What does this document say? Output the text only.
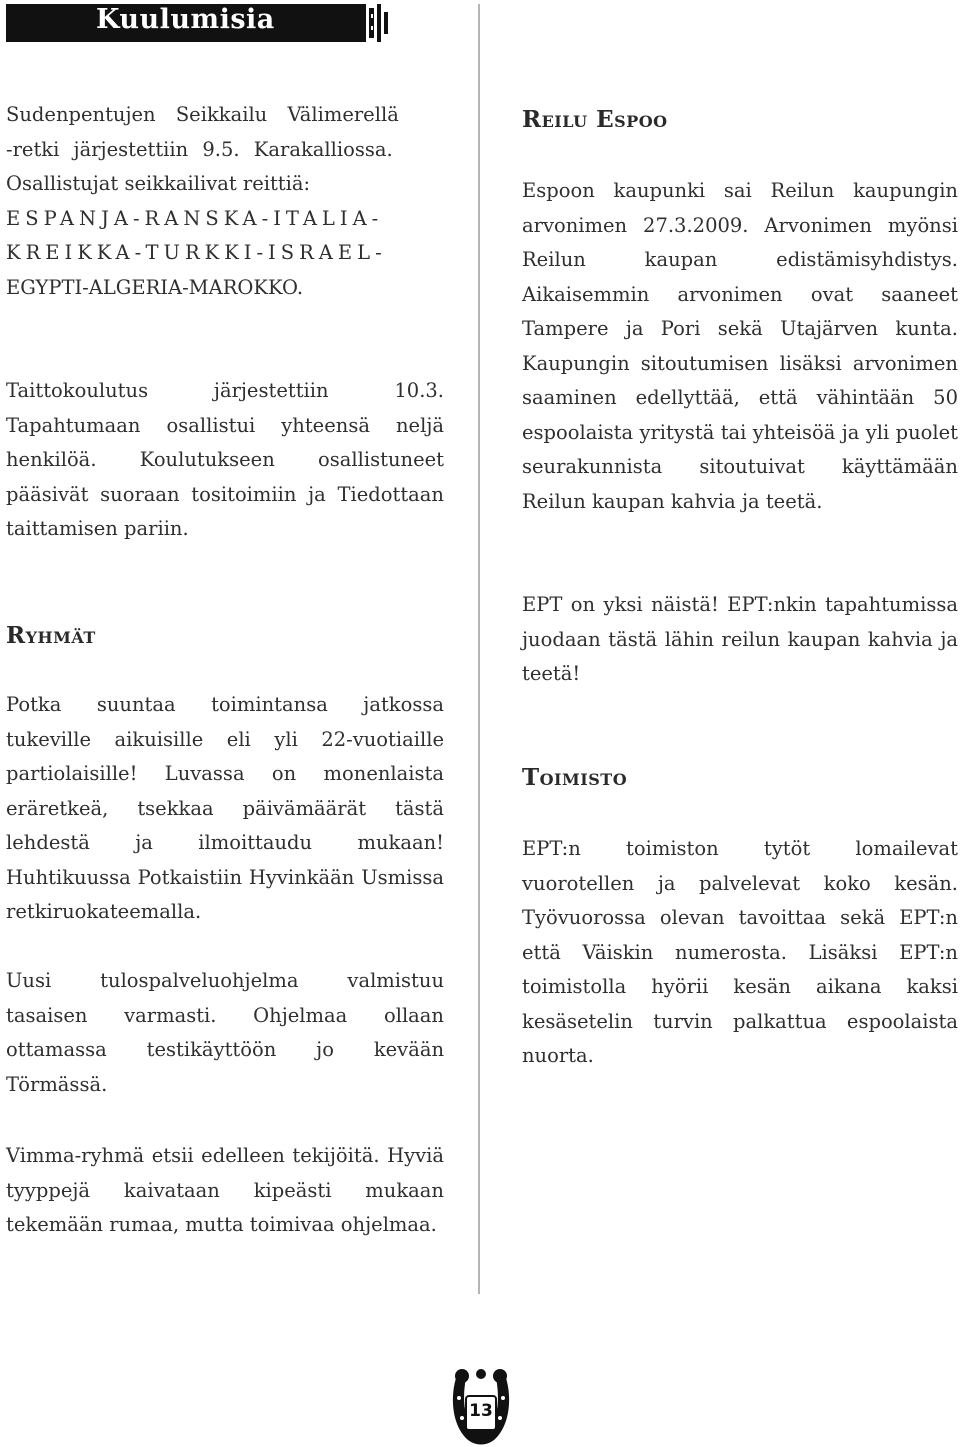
Kuulumisia
Sudenpentujen Seikkailu Välimerellä
-retki järjestettiin 9.5. Karakalliossa.
Osallistujat seikkailivat reittiä:
ESPANJA-RANSKA-ITALIA-
KREIKKA-TURKKI-ISRAEL-
EGYPTI-ALGERIA-MAROKKO.

Taittokoulutus järjestettiin 10.3. Tapahtumaan osallistui yhteensä neljä henkilöä. Koulutukseen osallistuneet pääsivät suoraan tositoimiin ja Tiedottaan taittamisen pariin.

Ryhmät

Potka suuntaa toimintansa jatkossa tukeville aikuisille eli yli 22-vuotiaille partiolaisille! Luvassa on monenlaista eräretkeä, tsekkaa päivämäärät tästä lehdestä ja ilmoittaudu mukaan! Huhtikuussa Potkaistiin Hyvinkään Usmissa retkiruokateemalla.

Uusi tulospalveluohjelma valmistuu tasaisen varmasti. Ohjelmaa ollaan ottamassa testikäyttöön jo kevään Törmässä.

Vimma-ryhmä etsii edelleen tekijöitä. Hyviä tyyppejä kaivataan kipeästi mukaan tekemään rumaa, mutta toimivaa ohjelmaa.

Reilu Espoo

Espoon kaupunki sai Reilun kaupungin arvonimen 27.3.2009. Arvonimen myönsi Reilun kaupan edistämisyhdistys. Aikaisemmin arvonimen ovat saaneet Tampere ja Pori sekä Utajärven kunta. Kaupungin sitoutumisen lisäksi arvonimen saaminen edellyttää, että vähintään 50 espoolaista yritystä tai yhteisöä ja yli puolet seurakunnista sitoutuivat käyttämään Reilun kaupan kahvia ja teetä.

EPT on yksi näistä! EPT:nkin tapahtumissa juodaan tästä lähin reilun kaupan kahvia ja teetä!

Toimisto

EPT:n toimiston tytöt lomailevat vuorotellen ja palvelevat koko kesän. Työvuorossa olevan tavoittaa sekä EPT:n että Väiskin numerosta. Lisäksi EPT:n toimistolla hyörii kesän aikana kaksi kesäsetelin turvin palkattua espoolaista nuorta.

13
